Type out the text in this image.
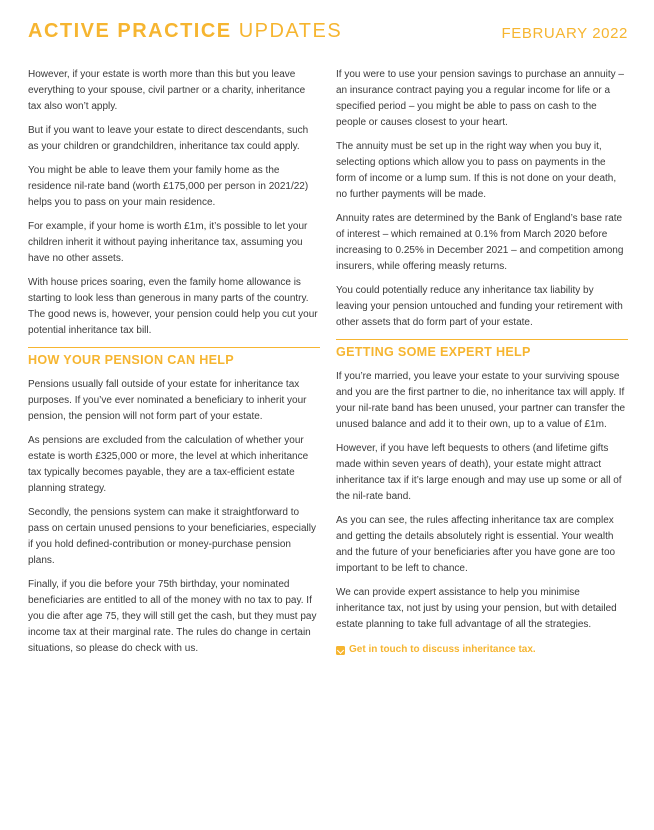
ACTIVE PRACTICE UPDATES	FEBRUARY 2022

However, if your estate is worth more than this but you leave everything to your spouse, civil partner or a charity, inheritance tax also won’t apply.

But if you want to leave your estate to direct descendants, such as your children or grandchildren, inheritance tax could apply.

You might be able to leave them your family home as the residence nil-rate band (worth £175,000 per person in 2021/22) helps you to pass on your main residence.

For example, if your home is worth £1m, it’s possible to let your children inherit it without paying inheritance tax, assuming you have no other assets.

With house prices soaring, even the family home allowance is starting to look less than generous in many parts of the country. The good news is, however, your pension could help you cut your potential inheritance tax bill.

HOW YOUR PENSION CAN HELP

Pensions usually fall outside of your estate for inheritance tax purposes. If you’ve ever nominated a beneficiary to inherit your pension, the pension will not form part of your estate.

As pensions are excluded from the calculation of whether your estate is worth £325,000 or more, the level at which inheritance tax typically becomes payable, they are a tax-efficient estate planning strategy.

Secondly, the pensions system can make it straightforward to pass on certain unused pensions to your beneficiaries, especially if you hold defined-contribution or money-purchase pension plans.

Finally, if you die before your 75th birthday, your nominated beneficiaries are entitled to all of the money with no tax to pay. If you die after age 75, they will still get the cash, but they must pay income tax at their marginal rate. The rules do change in certain situations, so please do check with us.

If you were to use your pension savings to purchase an annuity – an insurance contract paying you a regular income for life or a specified period – you might be able to pass on cash to the people or causes closest to your heart.

The annuity must be set up in the right way when you buy it, selecting options which allow you to pass on payments in the form of income or a lump sum. If this is not done on your death, no further payments will be made.

Annuity rates are determined by the Bank of England’s base rate of interest – which remained at 0.1% from March 2020 before increasing to 0.25% in December 2021 – and competition among insurers, while offering measly returns.

You could potentially reduce any inheritance tax liability by leaving your pension untouched and funding your retirement with other assets that do form part of your estate.

GETTING SOME EXPERT HELP

If you’re married, you leave your estate to your surviving spouse and you are the first partner to die, no inheritance tax will apply. If your nil-rate band has been unused, your partner can transfer the unused balance and add it to their own, up to a value of £1m.

However, if you have left bequests to others (and lifetime gifts made within seven years of death), your estate might attract inheritance tax if it’s large enough and may use up some or all of the nil-rate band.

As you can see, the rules affecting inheritance tax are complex and getting the details absolutely right is essential. Your wealth and the future of your beneficiaries after you have gone are too important to be left to chance.

We can provide expert assistance to help you minimise inheritance tax, not just by using your pension, but with detailed estate planning to take full advantage of all the strategies.

Get in touch to discuss inheritance tax.
